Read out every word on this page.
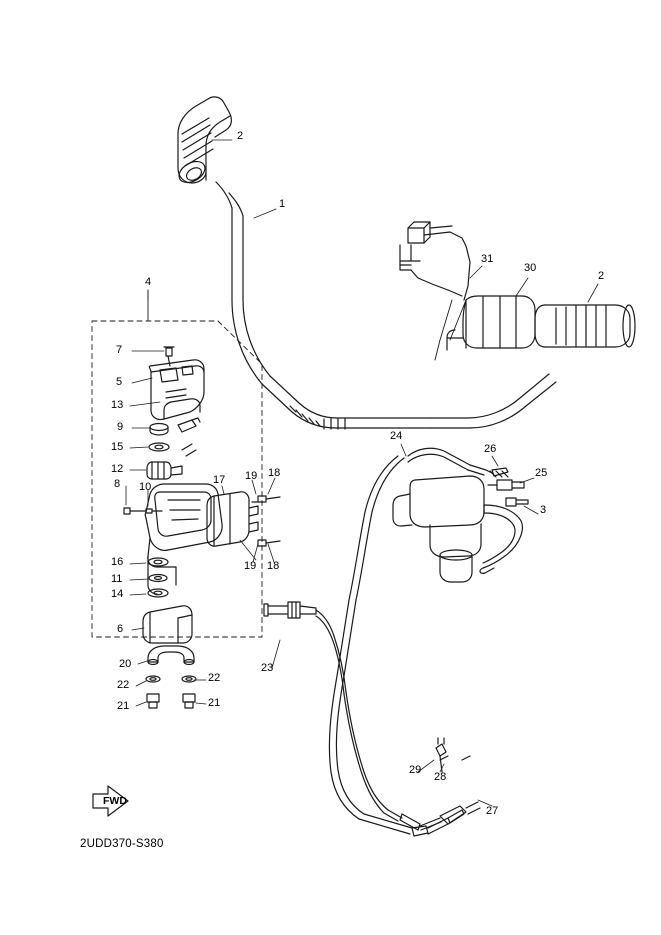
2
1
31
30
2
4
7
5
13
9
15
12
24
26
25
8 10
17 19 18
3
16
11
14
19 18
6
20
22
22
21	21
23
29
28
27
FWD
2UDD370-S380
